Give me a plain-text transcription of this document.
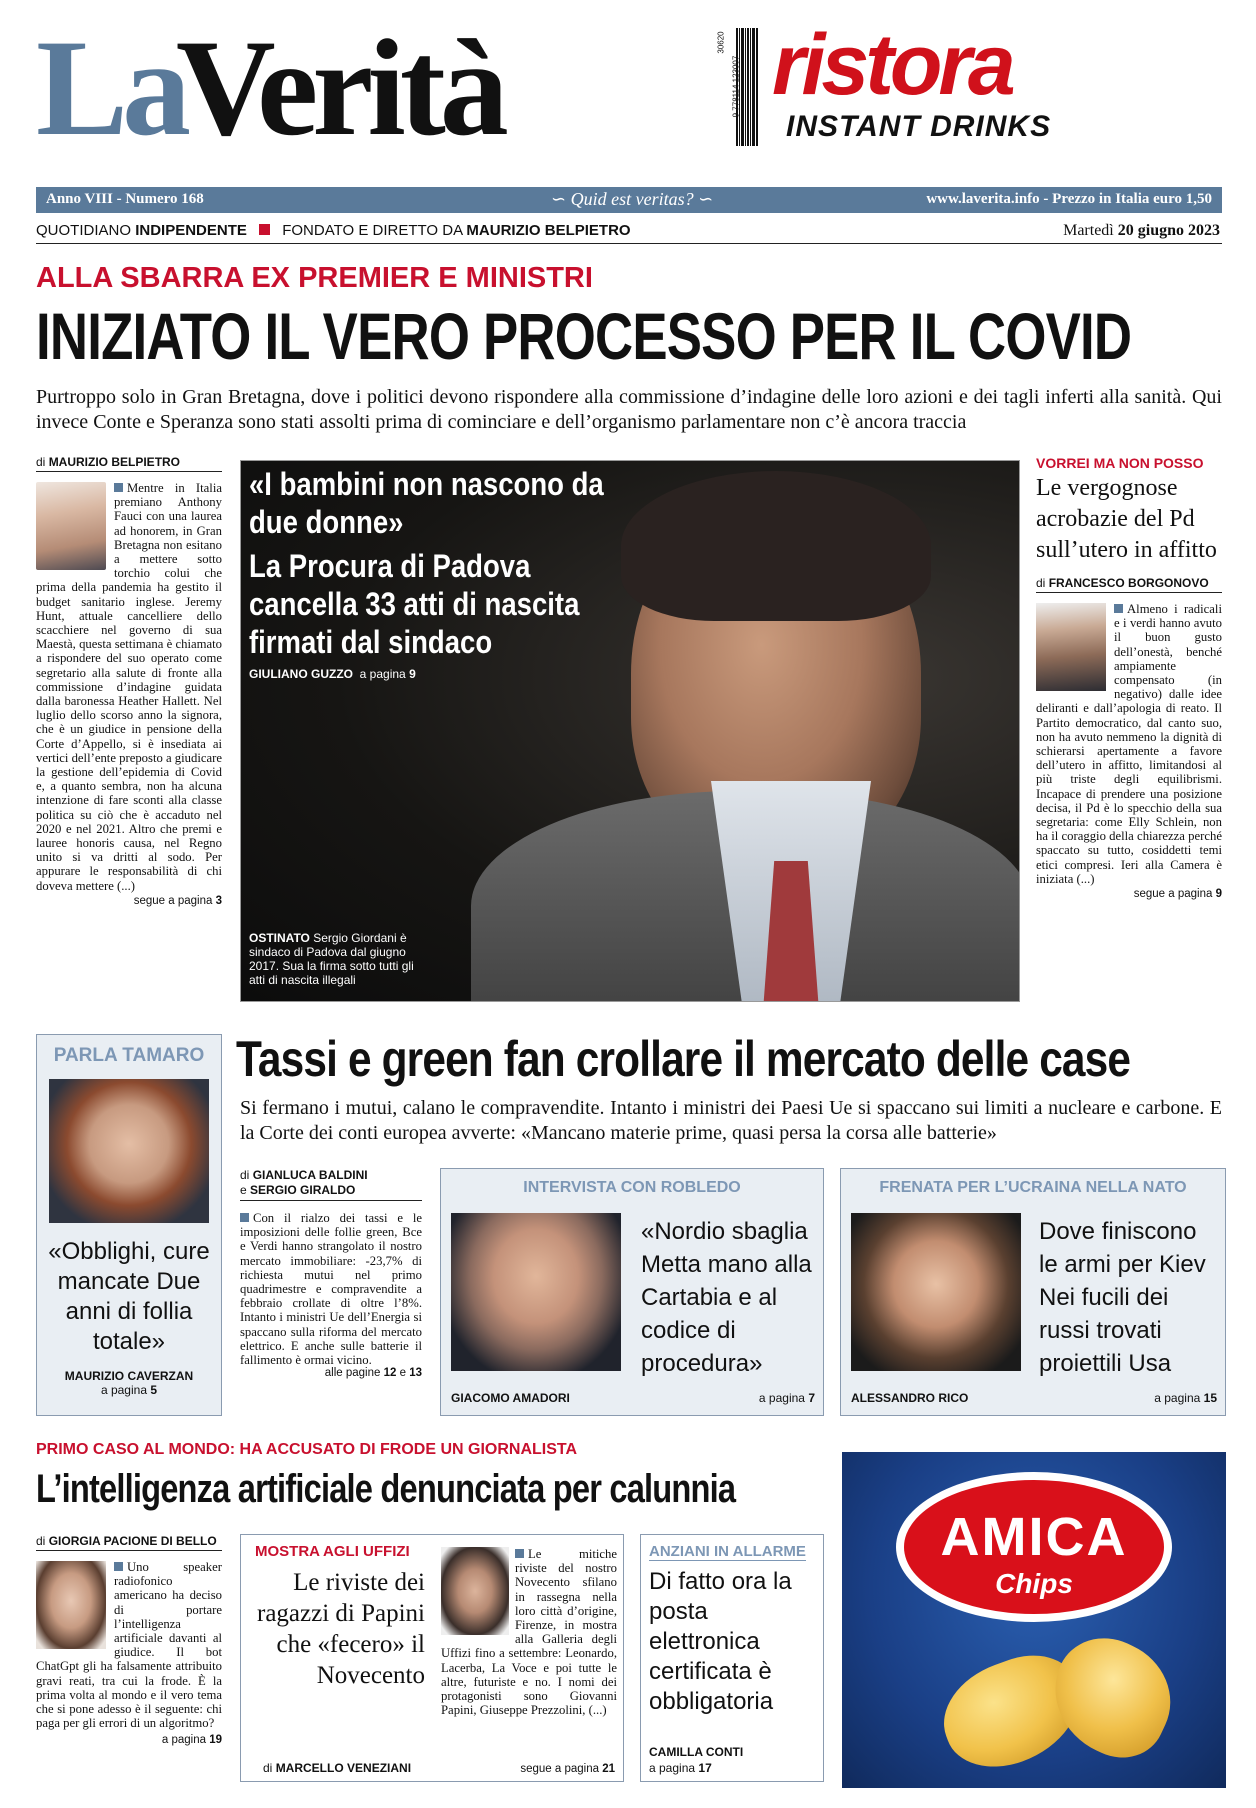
La
Verità	9 778114 123007
30620 ristora
INSTANT DRINKS
Anno VIII - Numero 168	∽ Quid est veritas? ∽	www.laverita.info - Prezzo in Italia euro 1,50
QUOTIDIANO INDIPENDENTE FONDATO E DIRETTO DA MAURIZIO BELPIETRO	Martedì 20 giugno 2023
ALLA SBARRA EX PREMIER E MINISTRI
INIZIATO IL VERO PROCESSO PER IL COVID
Purtroppo solo in Gran Bretagna, dove i politici devono rispondere alla commissione d’indagine delle loro azioni e dei tagli inferti alla sanità. Qui invece Conte e Speranza sono stati assolti prima di cominciare e dell’organismo parlamentare non c’è ancora traccia
di MAURIZIO BELPIETRO
Mentre in Italia premiano Anthony Fauci con una laurea ad honorem, in Gran Bretagna non esitano a mettere sotto torchio colui che prima della pandemia ha gestito il budget sanitario inglese. Jeremy Hunt, attuale cancelliere dello scacchiere nel governo di sua Maestà, questa settimana è chiamato a rispondere del suo operato come segretario alla salute di fronte alla commissione d’indagine guidata dalla baronessa Heather Hallett. Nel luglio dello scorso anno la signora, che è un giudice in pensione della Corte d’Appello, si è insediata ai vertici dell’ente preposto a giudicare la gestione dell’epidemia di Covid e, a quanto sembra, non ha alcuna intenzione di fare sconti alla classe politica su ciò che è accaduto nel 2020 e nel 2021. Altro che premi e lauree honoris causa, nel Regno unito si va dritti al sodo. Per appurare le responsabilità di chi doveva mettere (...)
segue a pagina 3
«I bambini non nascono da due donne»
La Procura di Padova cancella 33 atti di nascita firmati dal sindaco
GIULIANO GUZZO a pagina 9
OSTINATO Sergio Giordani è sindaco di Padova dal giugno 2017. Sua la firma sotto tutti gli atti di nascita illegali
VORREI MA NON POSSO
Le vergognose acrobazie del Pd sull’utero in affitto
di FRANCESCO BORGONOVO
Almeno i radicali e i verdi hanno avuto il buon gusto dell’onestà, benché ampiamente compensato (in negativo) dalle idee deliranti e dall’apologia di reato. Il Partito democratico, dal canto suo, non ha avuto nemmeno la dignità di schierarsi apertamente a favore dell’utero in affitto, limitandosi al più triste degli equilibrismi. Incapace di prendere una posizione decisa, il Pd è lo specchio della sua segretaria: come Elly Schlein, non ha il coraggio della chiarezza perché spaccato su tutto, cosiddetti temi etici compresi. Ieri alla Camera è iniziata (...)
segue a pagina 9
PARLA TAMARO
«Obblighi, cure mancate Due anni di follia totale»
MAURIZIO CAVERZAN
a pagina 5
Tassi e green fan crollare il mercato delle case
Si fermano i mutui, calano le compravendite. Intanto i ministri dei Paesi Ue si spaccano sui limiti a nucleare e carbone. E la Corte dei conti europea avverte: «Mancano materie prime, quasi persa la corsa alle batterie»
di GIANLUCA BALDINI
e SERGIO GIRALDO
Con il rialzo dei tassi e le imposizioni delle follie green, Bce e Verdi hanno strangolato il nostro mercato immobiliare: -23,7% di richiesta mutui nel primo quadrimestre e compravendite a febbraio crollate di oltre l’8%. Intanto i ministri Ue dell’Energia si spaccano sulla riforma del mercato elettrico. E anche sulle batterie il fallimento è ormai vicino.
alle pagine 12 e 13
INTERVISTA CON ROBLEDO
«Nordio sbaglia Metta mano alla Cartabia e al codice di procedura»
GIACOMO AMADORI	a pagina 7
FRENATA PER L’UCRAINA NELLA NATO
Dove finiscono le armi per Kiev Nei fucili dei russi trovati proiettili Usa
ALESSANDRO RICO	a pagina 15
PRIMO CASO AL MONDO: HA ACCUSATO DI FRODE UN GIORNALISTA
L’intelligenza artificiale denunciata per calunnia
di GIORGIA PACIONE DI BELLO
Uno speaker radiofonico americano ha deciso di portare l’intelligenza artificiale davanti al giudice. Il bot ChatGpt gli ha falsamente attribuito gravi reati, tra cui la frode. È la prima volta al mondo e il vero tema che si pone adesso è il seguente: chi paga per gli errori di un algoritmo?
a pagina 19
MOSTRA AGLI UFFIZI
Le riviste dei ragazzi di Papini che «fecero» il Novecento
Le mitiche riviste del nostro Novecento sfilano in rassegna nella loro città d’origine, Firenze, in mostra alla Galleria degli Uffizi fino a settembre: Leonardo, Lacerba, La Voce e poi tutte le altre, futuriste e no. I nomi dei protagonisti sono Giovanni Papini, Giuseppe Prezzolini, (...)
di MARCELLO VENEZIANI	segue a pagina 21
ANZIANI IN ALLARME
Di fatto ora la posta elettronica certificata è obbligatoria
CAMILLA CONTI
a pagina 17
AMICA
Chips
